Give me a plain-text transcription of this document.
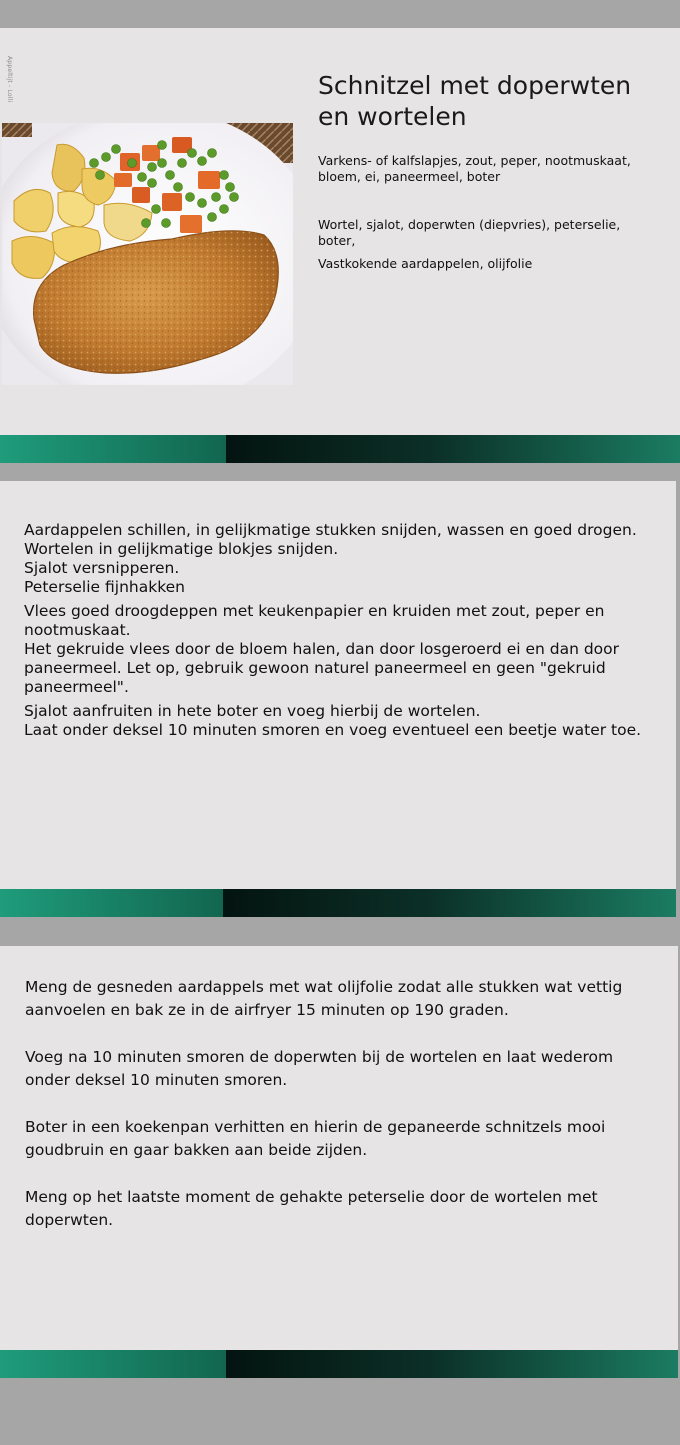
Appeltijt - Lolli	Schnitzel met doperwten en wortelen
Varkens- of kalfslapjes, zout, peper, nootmuskaat, bloem, ei, paneermeel, boter
Wortel, sjalot, doperwten (diepvries), peterselie, boter,
Vastkokende aardappelen, olijfolie

Aardappelen schillen, in gelijkmatige stukken snijden, wassen en goed drogen.

Wortelen in gelijkmatige blokjes snijden.

Sjalot versnipperen.

Peterselie fijnhakken

Vlees goed droogdeppen met keukenpapier en kruiden met zout, peper en nootmuskaat.

Het gekruide vlees door de bloem halen, dan door losgeroerd ei en dan door paneermeel. Let op, gebruik gewoon naturel paneermeel en geen "gekruid paneermeel".

Sjalot aanfruiten in hete boter en voeg hierbij de wortelen.

Laat onder deksel 10 minuten smoren en voeg eventueel een beetje water toe.

Meng de gesneden aardappels met wat olijfolie zodat alle stukken wat vettig aanvoelen en bak ze in de airfryer 15 minuten op 190 graden.

Voeg na 10 minuten smoren de doperwten bij de wortelen en laat wederom onder deksel 10 minuten smoren.

Boter in een koekenpan verhitten en hierin de gepaneerde schnitzels mooi goudbruin en gaar bakken aan beide zijden.

Meng op het laatste moment de gehakte peterselie door de wortelen met doperwten.
